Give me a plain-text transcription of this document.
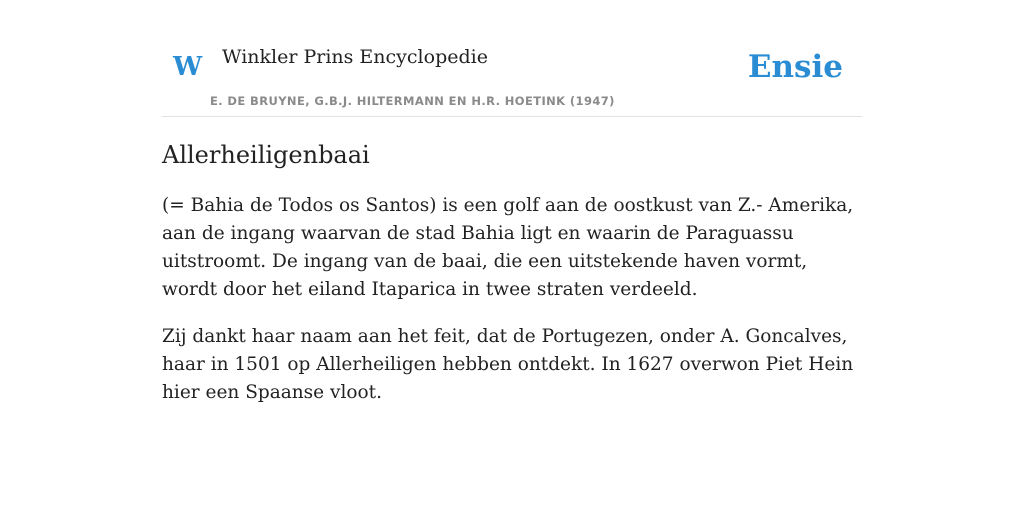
W Winkler Prins Encyclopedie
E. DE BRUYNE, G.B.J. HILTERMANN EN H.R. HOETINK (1947)
Ensie
Allerheiligenbaai

(= Bahia de Todos os Santos) is een golf aan de oostkust van Z.- Amerika, aan de ingang waarvan de stad Bahia ligt en waarin de Paraguassu uitstroomt. De ingang van de baai, die een uitstekende haven vormt, wordt door het eiland Itaparica in twee straten verdeeld.

Zij dankt haar naam aan het feit, dat de Portugezen, onder A. Goncalves, haar in 1501 op Allerheiligen hebben ontdekt. In 1627 overwon Piet Hein hier een Spaanse vloot.
